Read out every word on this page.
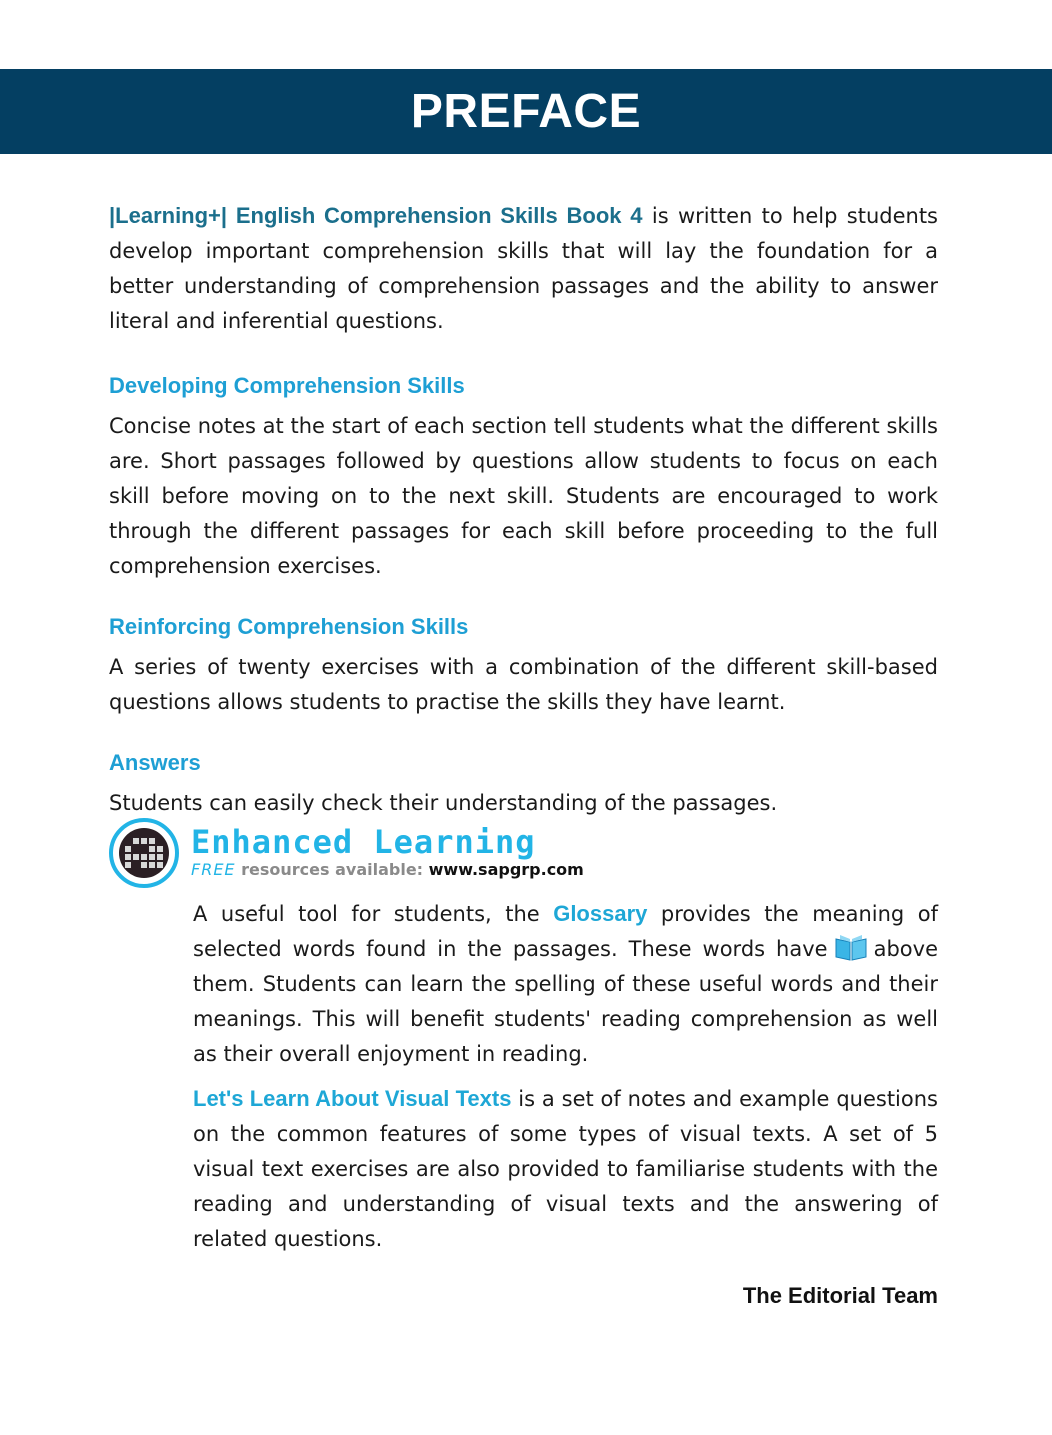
PREFACE

|Learning+| English Comprehension Skills Book 4 is written to help students develop important comprehension skills that will lay the foundation for a better understanding of comprehension passages and the ability to answer literal and inferential questions.

Developing Comprehension Skills

Concise notes at the start of each section tell students what the different skills are. Short passages followed by questions allow students to focus on each skill before moving on to the next skill. Students are encouraged to work through the different passages for each skill before proceeding to the full comprehension exercises.

Reinforcing Comprehension Skills

A series of twenty exercises with a combination of the different skill-based questions allows students to practise the skills they have learnt.

Answers

Students can easily check their understanding of the passages.

Enhanced Learning
FREE resources available: www.sapgrp.com

A useful tool for students, the Glossary provides the meaning of selected words found in the passages. These words have above them. Students can learn the spelling of these useful words and their meanings. This will benefit students' reading comprehension as well as their overall enjoyment in reading.

Let's Learn About Visual Texts is a set of notes and example questions on the common features of some types of visual texts. A set of 5 visual text exercises are also provided to familiarise students with the reading and understanding of visual texts and the answering of related questions.

The Editorial Team
